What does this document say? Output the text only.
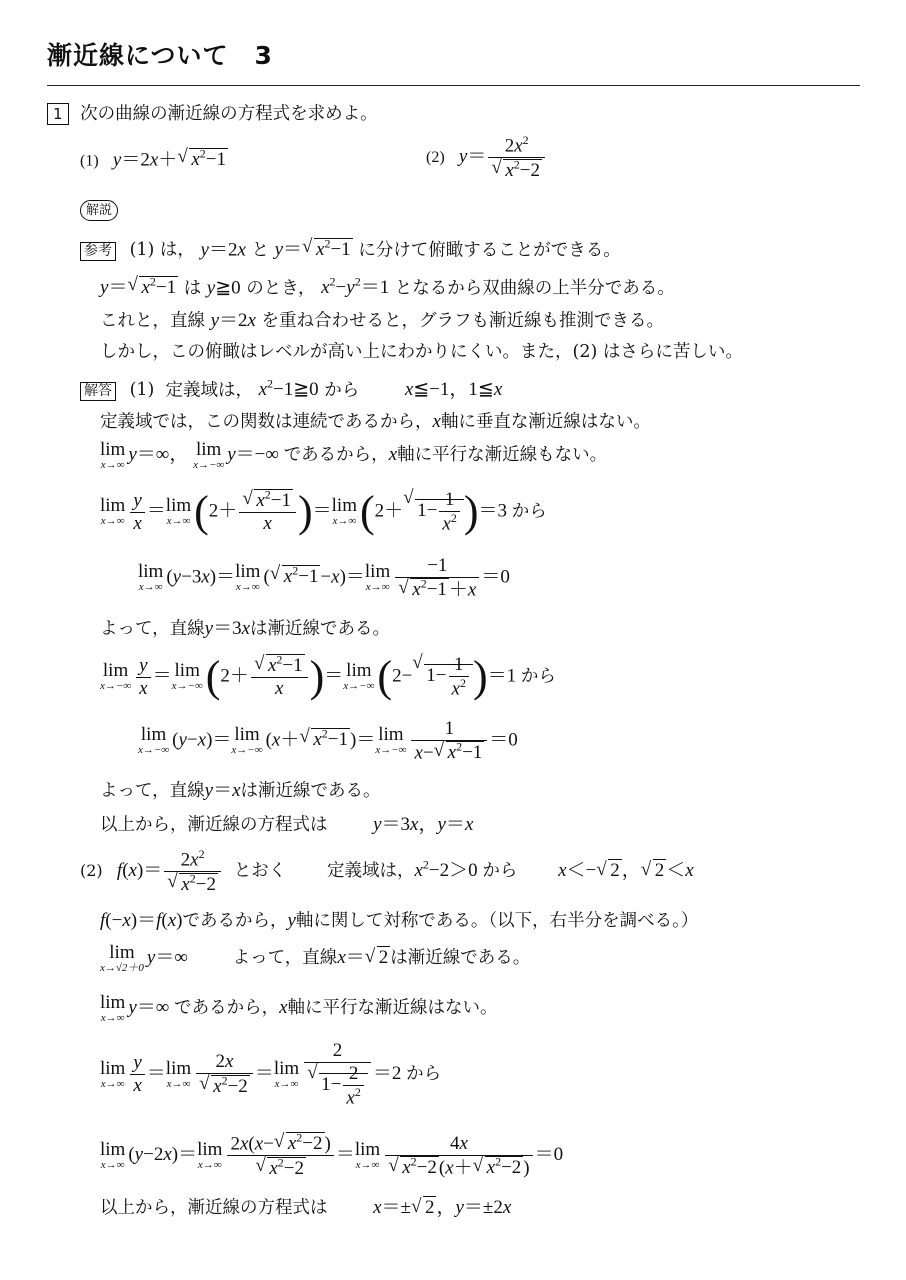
漸近線について　3
1 次の曲線の漸近線の方程式を求めよ。
(1) y＝2x＋ √ $x^2-1$	(2) $y= 2x^2$
√ $x^2-2$
解説
参考 (1) は， y＝2x と y＝ √ $x^2-1$ に分けて俯瞰することができる。
y＝ √ $x^2-1$ は y≧0 のとき， $x^2-y^2=1$ となるから双曲線の上半分である。
これと，直線 y＝2x を重ね合わせると，グラフも漸近線も推測できる。
しかし，この俯瞰はレベルが高い上にわかりにくい。また，(2) はさらに苦しい。
解答 (1) 定義域は， $x^2-1≧0$ から x≦−1，1≦x
定義域では，この関数は連続であるから，x軸に垂直な漸近線はない。
lim
x→∞ y＝∞， lim
x→−∞ y＝−∞ であるから，x軸に平行な漸近線もない。
lim
$x\to\infty \frac{y}{x} = \lim$
x→∞ (2＋ √ $\frac{x^2-1}{x}$ )＝ lim
x→∞ (2＋ √ $1- \frac{1}{x^2} )=3$ から
lim
x→∞ (y−3x)＝ lim
x→∞ ( √ $x^2-1 -x)= \lim$
x→∞ −1
√ $x^2-1 +x =0$
よって，直線y＝3xは漸近線である。
lim
$x\to-\infty \frac{y}{x} = \lim$
x→−∞ (2＋ √ $\frac{x^2-1}{x}$ )＝ lim
x→−∞ (2− √ $1- \frac{1}{x^2} )=1$ から
lim
x→−∞ (y−x)＝ lim
x→−∞ (x＋ √ $x^2-1$ )＝ lim
$x\to-\infty \frac{1}{x- √ x^2-1} =0$
よって，直線y＝xは漸近線である。
以上から，漸近線の方程式は y＝3x，y＝x
(2) $f(x)= 2x^2$
√ $x^2-2$ とおく 定義域は，$x^2-2>0$ から x＜− √ 2 ， √ 2 ＜x
f(−x)＝f(x)であるから，y軸に関して対称である。（以下，右半分を調べる。）
lim
x→√2＋0 y＝∞ よって，直線x＝ √ 2 は漸近線である。
lim
x→∞ y＝∞ であるから，x軸に平行な漸近線はない。
lim
$x\to\infty \frac{y}{x} = \lim$
x→∞ 2x
√ $x^2-2 = \lim$
x→∞ 2
√ $1- \frac{2}{x^2} =2$ から
lim
x→∞ (y−2x)＝ lim
x→∞ 2x(x− √ $x^2-2$ )
√ $x^2-2 = \lim$
x→∞ 4x
√ $x^2-2$ (x＋ √ $x^2-2$ ) ＝0
以上から，漸近線の方程式は x＝± √ 2 ，y＝±2x
